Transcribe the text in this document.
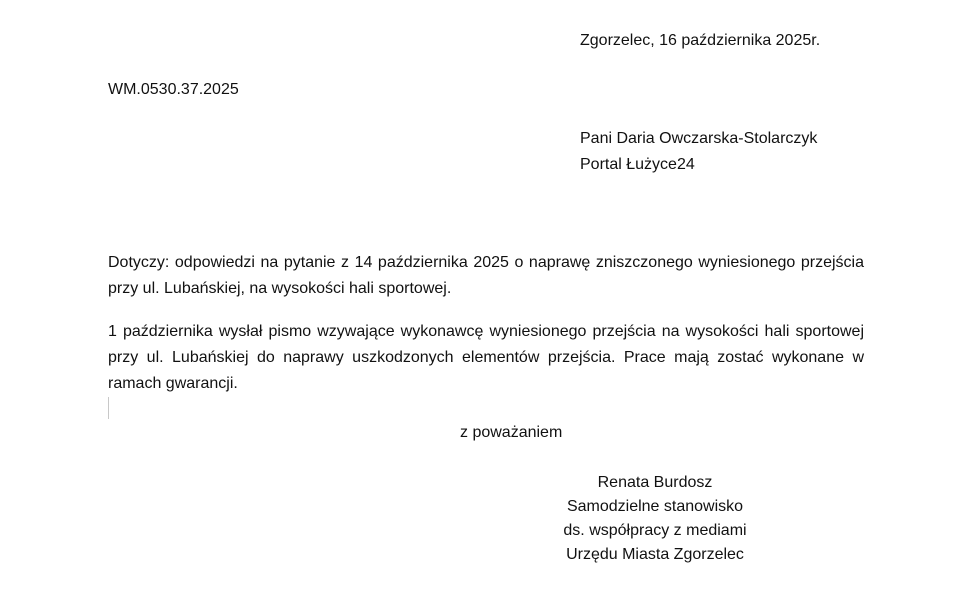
Zgorzelec, 16 października 2025r.
WM.0530.37.2025
Pani Daria Owczarska-Stolarczyk
Portal Łużyce24
Dotyczy: odpowiedzi na pytanie z 14 października 2025 o naprawę zniszczonego wyniesionego przejścia przy ul. Lubańskiej, na wysokości hali sportowej.
1 października wysłał pismo wzywające wykonawcę wyniesionego przejścia na wysokości hali sportowej przy ul. Lubańskiej do naprawy uszkodzonych elementów przejścia. Prace mają zostać wykonane w ramach gwarancji.
z poważaniem
Renata Burdosz
Samodzielne stanowisko
ds. współpracy z mediami
Urzędu Miasta Zgorzelec
